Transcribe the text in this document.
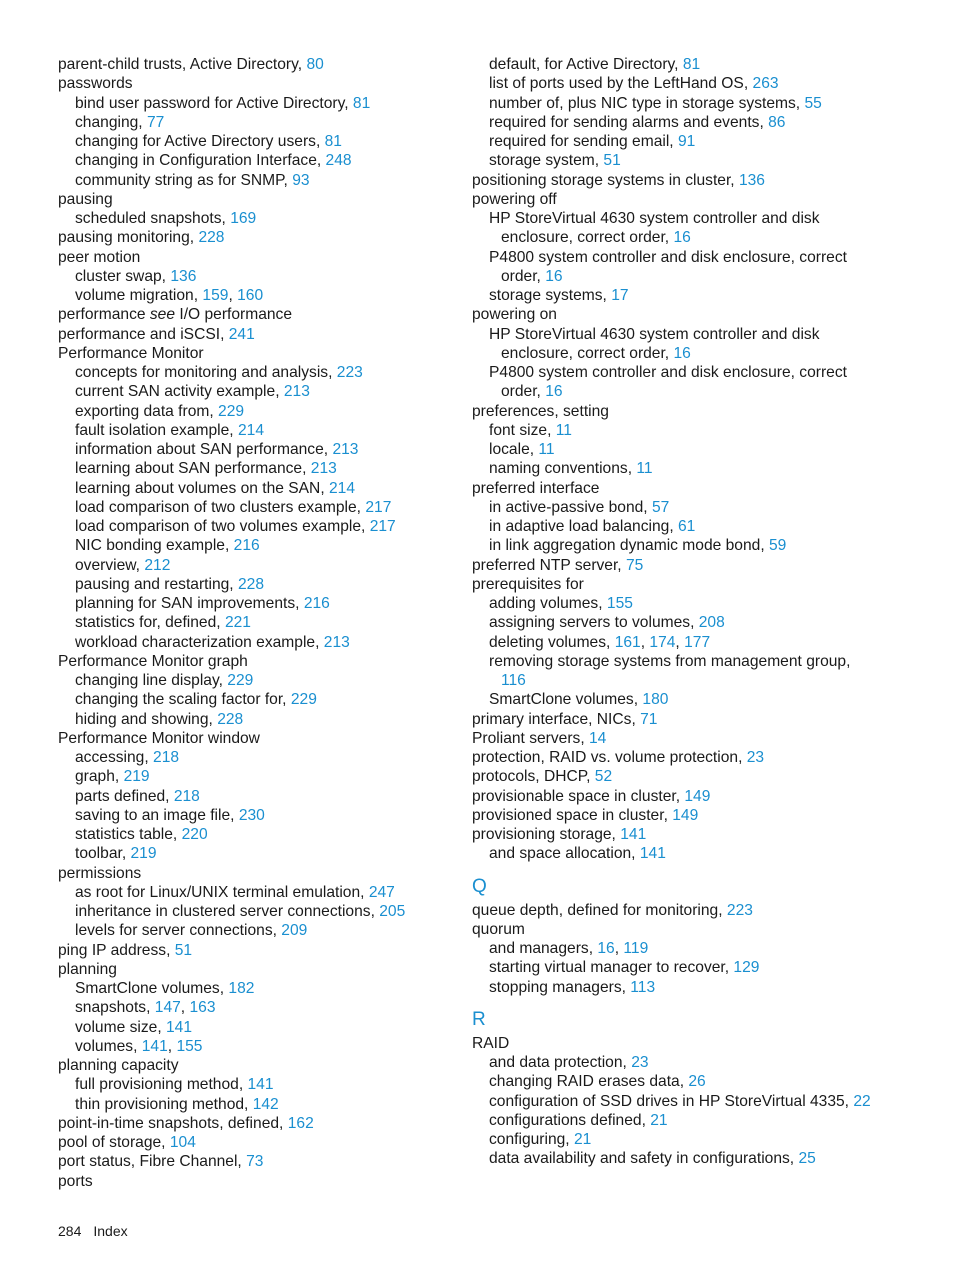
parent-child trusts, Active Directory, 80
passwords
bind user password for Active Directory, 81
changing, 77
changing for Active Directory users, 81
changing in Configuration Interface, 248
community string as for SNMP, 93
pausing
scheduled snapshots, 169
pausing monitoring, 228
peer motion
cluster swap, 136
volume migration, 159, 160
performance see I/O performance
performance and iSCSI, 241
Performance Monitor
concepts for monitoring and analysis, 223
current SAN activity example, 213
exporting data from, 229
fault isolation example, 214
information about SAN performance, 213
learning about SAN performance, 213
learning about volumes on the SAN, 214
load comparison of two clusters example, 217
load comparison of two volumes example, 217
NIC bonding example, 216
overview, 212
pausing and restarting, 228
planning for SAN improvements, 216
statistics for, defined, 221
workload characterization example, 213
Performance Monitor graph
changing line display, 229
changing the scaling factor for, 229
hiding and showing, 228
Performance Monitor window
accessing, 218
graph, 219
parts defined, 218
saving to an image file, 230
statistics table, 220
toolbar, 219
permissions
as root for Linux/UNIX terminal emulation, 247
inheritance in clustered server connections, 205
levels for server connections, 209
ping IP address, 51
planning
SmartClone volumes, 182
snapshots, 147, 163
volume size, 141
volumes, 141, 155
planning capacity
full provisioning method, 141
thin provisioning method, 142
point-in-time snapshots, defined, 162
pool of storage, 104
port status, Fibre Channel, 73
ports
default, for Active Directory, 81
list of ports used by the LeftHand OS, 263
number of, plus NIC type in storage systems, 55
required for sending alarms and events, 86
required for sending email, 91
storage system, 51
positioning storage systems in cluster, 136
powering off
HP StoreVirtual 4630 system controller and disk enclosure, correct order, 16
P4800 system controller and disk enclosure, correct order, 16
storage systems, 17
powering on
HP StoreVirtual 4630 system controller and disk enclosure, correct order, 16
P4800 system controller and disk enclosure, correct order, 16
preferences, setting
font size, 11
locale, 11
naming conventions, 11
preferred interface
in active-passive bond, 57
in adaptive load balancing, 61
in link aggregation dynamic mode bond, 59
preferred NTP server, 75
prerequisites for
adding volumes, 155
assigning servers to volumes, 208
deleting volumes, 161, 174, 177
removing storage systems from management group, 116
SmartClone volumes, 180
primary interface, NICs, 71
Proliant servers, 14
protection, RAID vs. volume protection, 23
protocols, DHCP, 52
provisionable space in cluster, 149
provisioned space in cluster, 149
provisioning storage, 141
and space allocation, 141
Q
queue depth, defined for monitoring, 223
quorum
and managers, 16, 119
starting virtual manager to recover, 129
stopping managers, 113
R
RAID
and data protection, 23
changing RAID erases data, 26
configuration of SSD drives in HP StoreVirtual 4335, 22
configurations defined, 21
configuring, 21
data availability and safety in configurations, 25
284 Index
